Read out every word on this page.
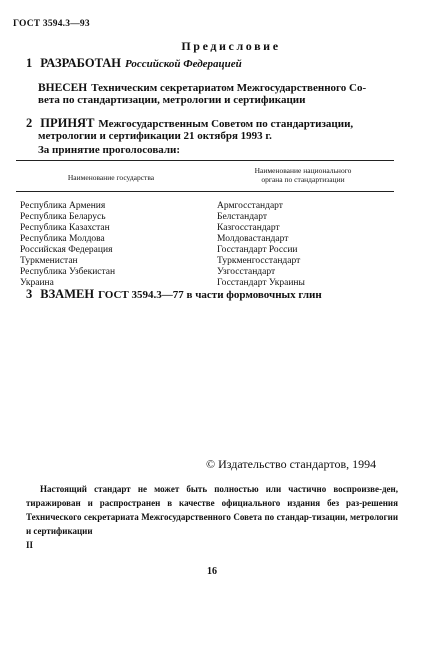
ГОСТ 3594.3—93
Предисловие
1 РАЗРАБОТАН Российской Федерацией
ВНЕСЕН Техническим секретариатом Межгосударственного Со-
вета по стандартизации, метрологии и сертификации
2 ПРИНЯТ Межгосударственным Советом по стандартизации,
метрологии и сертификации 21 октября 1993 г.
За принятие проголосовали:
Наименование государства
Наименование национального
органа по стандартизации
Республика Армения
Республика Беларусь
Республика Казахстан
Республика Молдова
Российская Федерация
Туркменистан
Республика Узбекистан
Украина
Армгосстандарт
Белстандарт
Казгосстандарт
Молдовастандарт
Госстандарт России
Туркменгосстандарт
Узгосстандарт
Госстандарт Украины
3 ВЗАМЕН ГОСТ 3594.3—77 в части формовочных глин
© Издательство стандартов, 1994
Настоящий стандарт не может быть полностью или частично воспроизве-ден, тиражирован и распространен в качестве официального издания без раз-решения Технического секретариата Межгосударственного Совета по стандар-тизации, метрологии и сертификации
II
16
